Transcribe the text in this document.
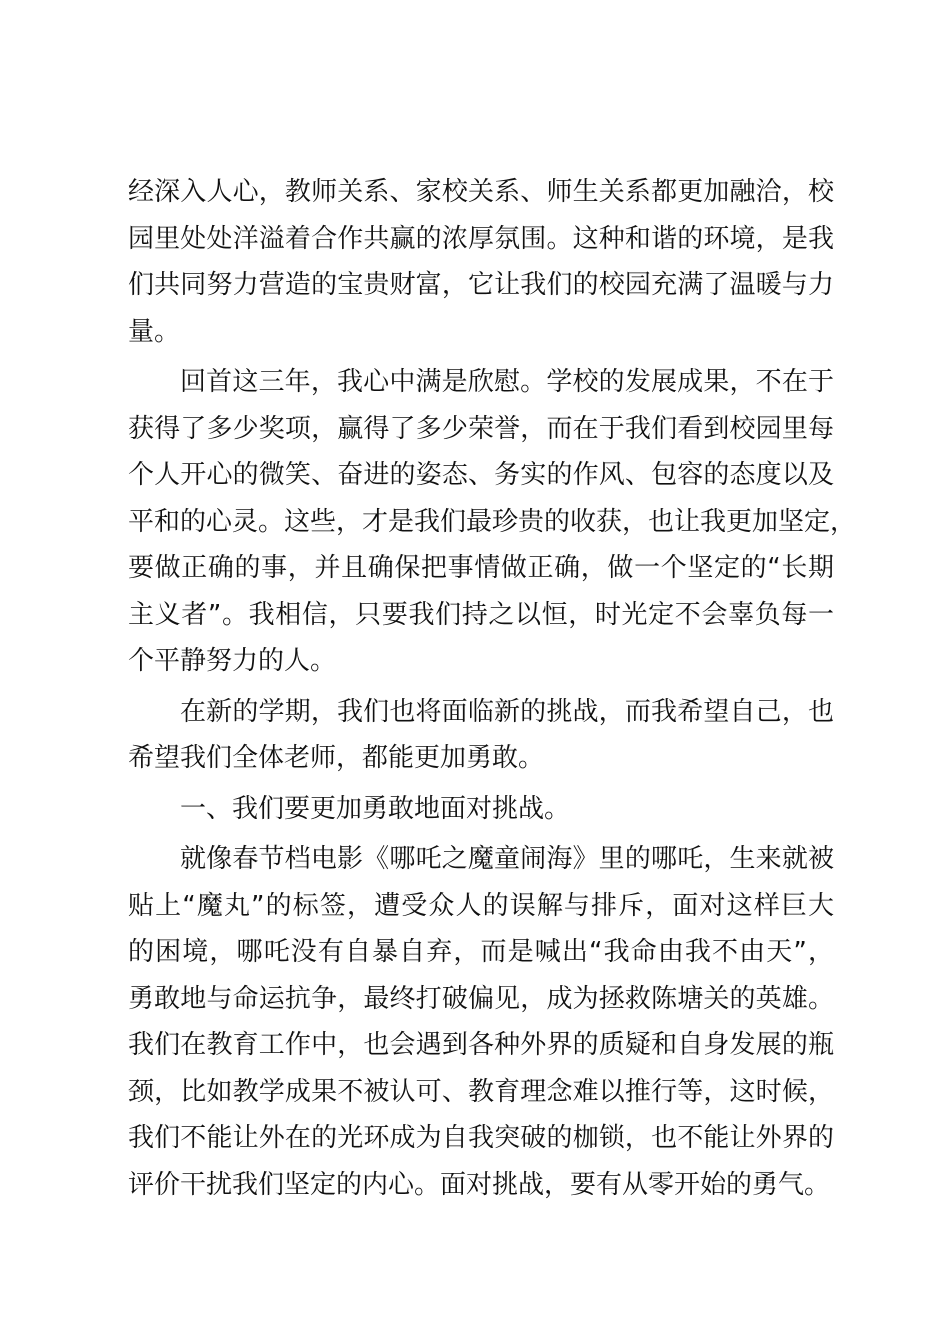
经深入人心，教师关系、家校关系、师生关系都更加融洽，校
园里处处洋溢着合作共赢的浓厚氛围。这种和谐的环境，是我
们共同努力营造的宝贵财富，它让我们的校园充满了温暖与力
量。
回首这三年，我心中满是欣慰。学校的发展成果，不在于
获得了多少奖项，赢得了多少荣誉，而在于我们看到校园里每
个人开心的微笑、奋进的姿态、务实的作风、包容的态度以及
平和的心灵。这些，才是我们最珍贵的收获，也让我更加坚定，
要做正确的事，并且确保把事情做正确，做一个坚定的“长期
主义者”。我相信，只要我们持之以恒，时光定不会辜负每一
个平静努力的人。
在新的学期，我们也将面临新的挑战，而我希望自己，也
希望我们全体老师，都能更加勇敢。
一、我们要更加勇敢地面对挑战。
就像春节档电影《哪吒之魔童闹海》里的哪吒，生来就被
贴上“魔丸”的标签，遭受众人的误解与排斥，面对这样巨大
的困境，哪吒没有自暴自弃，而是喊出“我命由我不由天”，
勇敢地与命运抗争，最终打破偏见，成为拯救陈塘关的英雄。
我们在教育工作中，也会遇到各种外界的质疑和自身发展的瓶
颈，比如教学成果不被认可、教育理念难以推行等，这时候，
我们不能让外在的光环成为自我突破的枷锁，也不能让外界的
评价干扰我们坚定的内心。面对挑战，要有从零开始的勇气。
